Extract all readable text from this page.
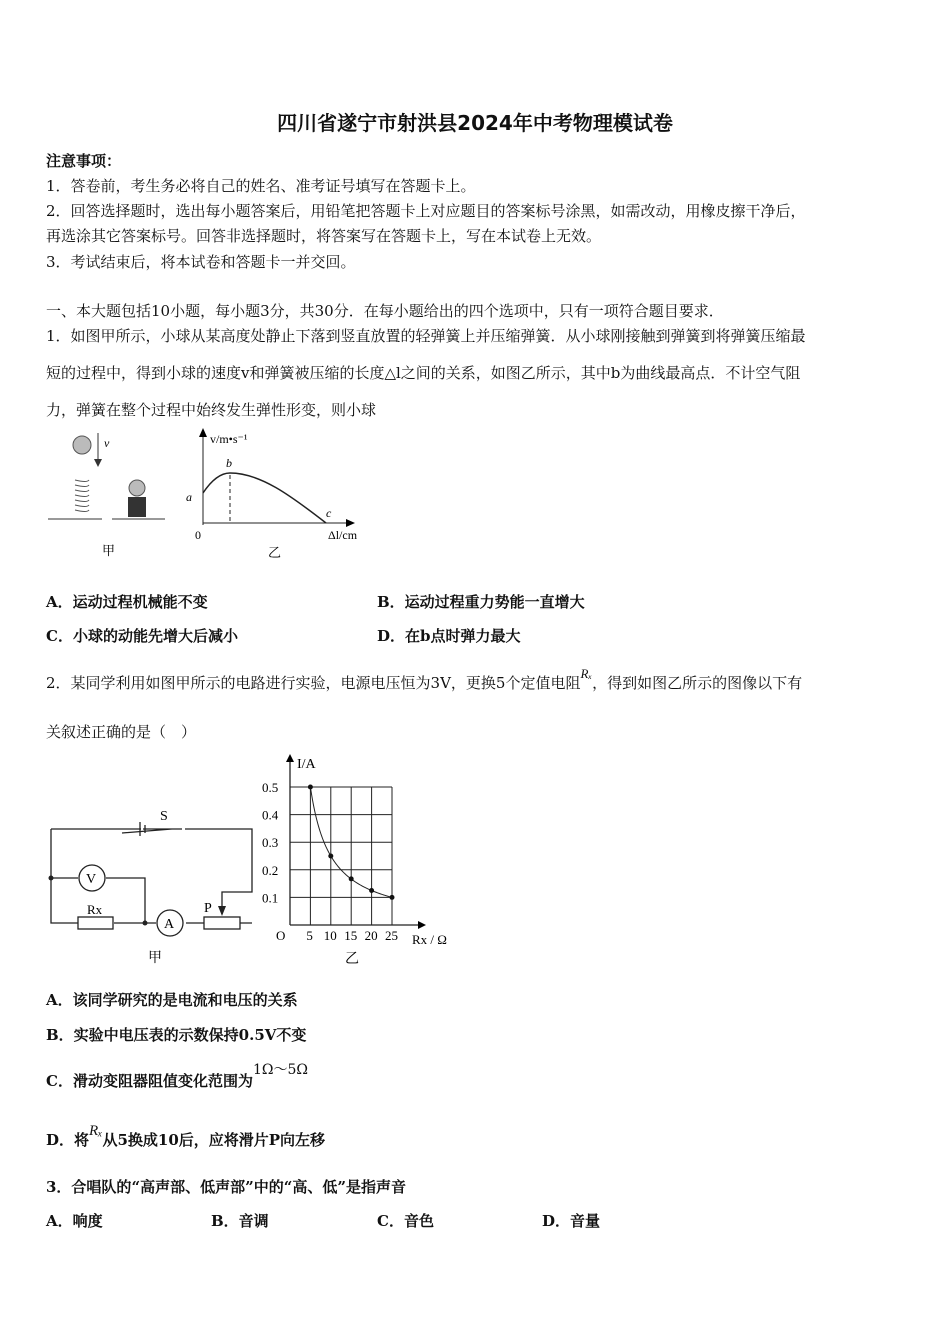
四川省遂宁市射洪县2024年中考物理模试卷
注意事项：
1．答卷前，考生务必将自己的姓名、准考证号填写在答题卡上。
2．回答选择题时，选出每小题答案后，用铅笔把答题卡上对应题目的答案标号涂黑，如需改动，用橡皮擦干净后，
再选涂其它答案标号。回答非选择题时，将答案写在答题卡上，写在本试卷上无效。
3．考试结束后，将本试卷和答题卡一并交回。
一、本大题包括10小题，每小题3分，共30分．在每小题给出的四个选项中，只有一项符合题目要求．
1．如图甲所示，小球从某高度处静止下落到竖直放置的轻弹簧上并压缩弹簧．从小球刚接触到弹簧到将弹簧压缩最
短的过程中，得到小球的速度v和弹簧被压缩的长度△l之间的关系，如图乙所示，其中b为曲线最高点．不计空气阻
力，弹簧在整个过程中始终发生弹性形变，则小球
v
甲
v/m•s⁻¹
b
a
c
0	Δl/cm
乙
A．运动过程机械能不变	B．运动过程重力势能一直增大
C．小球的动能先增大后减小	D．在b点时弹力最大
2．某同学利用如图甲所示的电路进行实验，电源电压恒为3V，更换5个定值电阻Rₓ，得到如图乙所示的图像以下有
关叙述正确的是（　）
S
V
A
Rx	P
甲
5 10 15 20 25
0.1
0.2
0.3
0.4
0.5
I/A
O	Rx / Ω
乙
A．该同学研究的是电流和电压的关系
B．实验中电压表的示数保持0.5V不变
C．滑动变阻器阻值变化范围为1Ω～5Ω
D．将Rₓ从5换成10后，应将滑片P向左移
3．合唱队的“高声部、低声部”中的“高、低”是指声音
A．响度	B．音调	C．音色	D．音量
